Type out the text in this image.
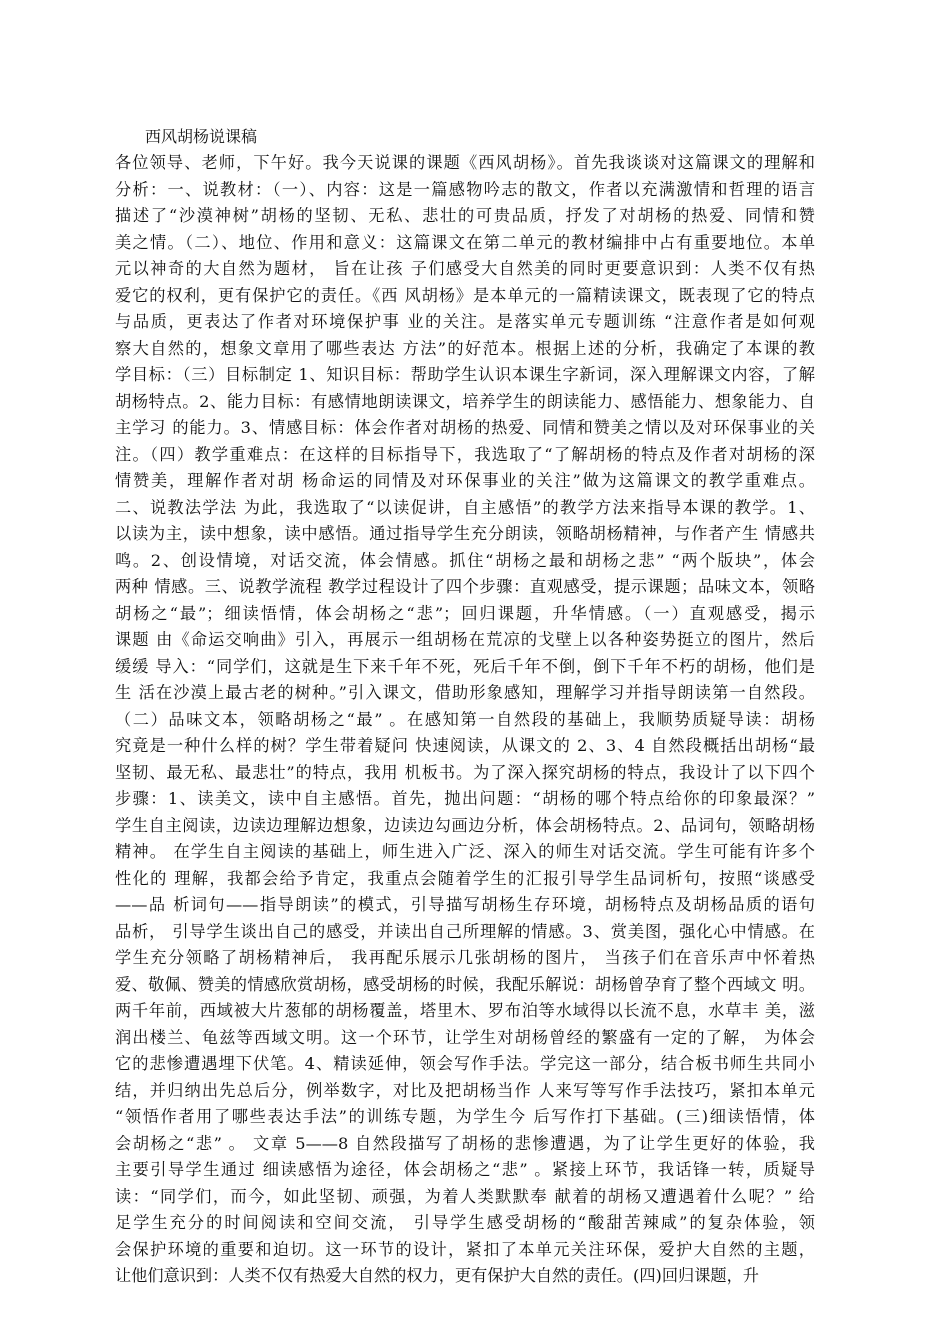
西风胡杨说课稿
各位领导、老师，下午好。我今天说课的课题《西风胡杨》。首先我谈谈对这篇课文的理解和
分析：一、说教材：（一）、内容：这是一篇感物吟志的散文，作者以充满激情和哲理的语言
描述了“沙漠神树”胡杨的坚韧、无私、悲壮的可贵品质，抒发了对胡杨的热爱、同情和赞
美之情。（二）、地位、作用和意义：这篇课文在第二单元的教材编排中占有重要地位。本单
元以神奇的大自然为题材， 旨在让孩 子们感受大自然美的同时更要意识到：人类不仅有热
爱它的权利，更有保护它的责任。《西 风胡杨》是本单元的一篇精读课文，既表现了它的特点
与品质，更表达了作者对环境保护事 业的关注。是落实单元专题训练 “注意作者是如何观
察大自然的，想象文章用了哪些表达 方法”的好范本。根据上述的分析，我确定了本课的教
学目标：（三）目标制定 1、知识目标：帮助学生认识本课生字新词，深入理解课文内容，了解
胡杨特点。2、能力目标：有感情地朗读课文，培养学生的朗读能力、感悟能力、想象能力、自
主学习 的能力。3、情感目标：体会作者对胡杨的热爱、同情和赞美之情以及对环保事业的关
注。（四）教学重难点：在这样的目标指导下，我选取了“了解胡杨的特点及作者对胡杨的深
情赞美，理解作者对胡 杨命运的同情及对环保事业的关注”做为这篇课文的教学重难点。
二、说教法学法 为此，我选取了“以读促讲，自主感悟”的教学方法来指导本课的教学。1、
以读为主，读中想象，读中感悟。通过指导学生充分朗读，领略胡杨精神，与作者产生 情感共
鸣。2、创设情境，对话交流，体会情感。抓住“胡杨之最和胡杨之悲” “两个版块”，体会
两种 情感。三、说教学流程 教学过程设计了四个步骤：直观感受，提示课题；品味文本，领略
胡杨之“最”；细读悟情，体会胡杨之“悲”；回归课题，升华情感。（一）直观感受，揭示
课题 由《命运交响曲》引入，再展示一组胡杨在荒凉的戈壁上以各种姿势挺立的图片，然后
缓缓 导入：“同学们，这就是生下来千年不死，死后千年不倒，倒下千年不朽的胡杨，他们是
生 活在沙漠上最古老的树种。”引入课文，借助形象感知，理解学习并指导朗读第一自然段。
（二）品味文本，领略胡杨之“最” 。在感知第一自然段的基础上，我顺势质疑导读：胡杨
究竟是一种什么样的树？学生带着疑问 快速阅读，从课文的 2、3、4 自然段概括出胡杨“最
坚韧、最无私、最悲壮”的特点，我用 机板书。为了深入探究胡杨的特点，我设计了以下四个
步骤：1、读美文，读中自主感悟。首先，抛出问题：“胡杨的哪个特点给你的印象最深？”
学生自主阅读，边读边理解边想象，边读边勾画边分析，体会胡杨特点。2、品词句，领略胡杨
精神。 在学生自主阅读的基础上，师生进入广泛、深入的师生对话交流。学生可能有许多个
性化的 理解，我都会给予肯定，我重点会随着学生的汇报引导学生品词析句，按照“谈感受
——品 析词句——指导朗读”的模式，引导描写胡杨生存环境，胡杨特点及胡杨品质的语句
品析， 引导学生谈出自己的感受，并读出自己所理解的情感。3、赏美图，强化心中情感。在
学生充分领略了胡杨精神后， 我再配乐展示几张胡杨的图片， 当孩子们在音乐声中怀着热
爱、敬佩、赞美的情感欣赏胡杨，感受胡杨的时候，我配乐解说：胡杨曾孕育了整个西域文 明。
两千年前，西域被大片葱郁的胡杨覆盖，塔里木、罗布泊等水域得以长流不息，水草丰 美，滋
润出楼兰、龟兹等西域文明。这一个环节，让学生对胡杨曾经的繁盛有一定的了解， 为体会
它的悲惨遭遇埋下伏笔。4、精读延伸，领会写作手法。学完这一部分，结合板书师生共同小
结，并归纳出先总后分，例举数字，对比及把胡杨当作 人来写等写作手法技巧，紧扣本单元
“领悟作者用了哪些表达手法”的训练专题，为学生今 后写作打下基础。(三)细读悟情，体
会胡杨之“悲” 。 文章 5——8 自然段描写了胡杨的悲惨遭遇，为了让学生更好的体验，我
主要引导学生通过 细读感悟为途径，体会胡杨之“悲” 。紧接上环节，我话锋一转，质疑导
读：“同学们，而今，如此坚韧、顽强，为着人类默默奉 献着的胡杨又遭遇着什么呢？” 给
足学生充分的时间阅读和空间交流， 引导学生感受胡杨的“酸甜苦辣咸”的复杂体验，领
会保护环境的重要和迫切。这一环节的设计，紧扣了本单元关注环保，爱护大自然的主题，
让他们意识到：人类不仅有热爱大自然的权力，更有保护大自然的责任。(四)回归课题，升
